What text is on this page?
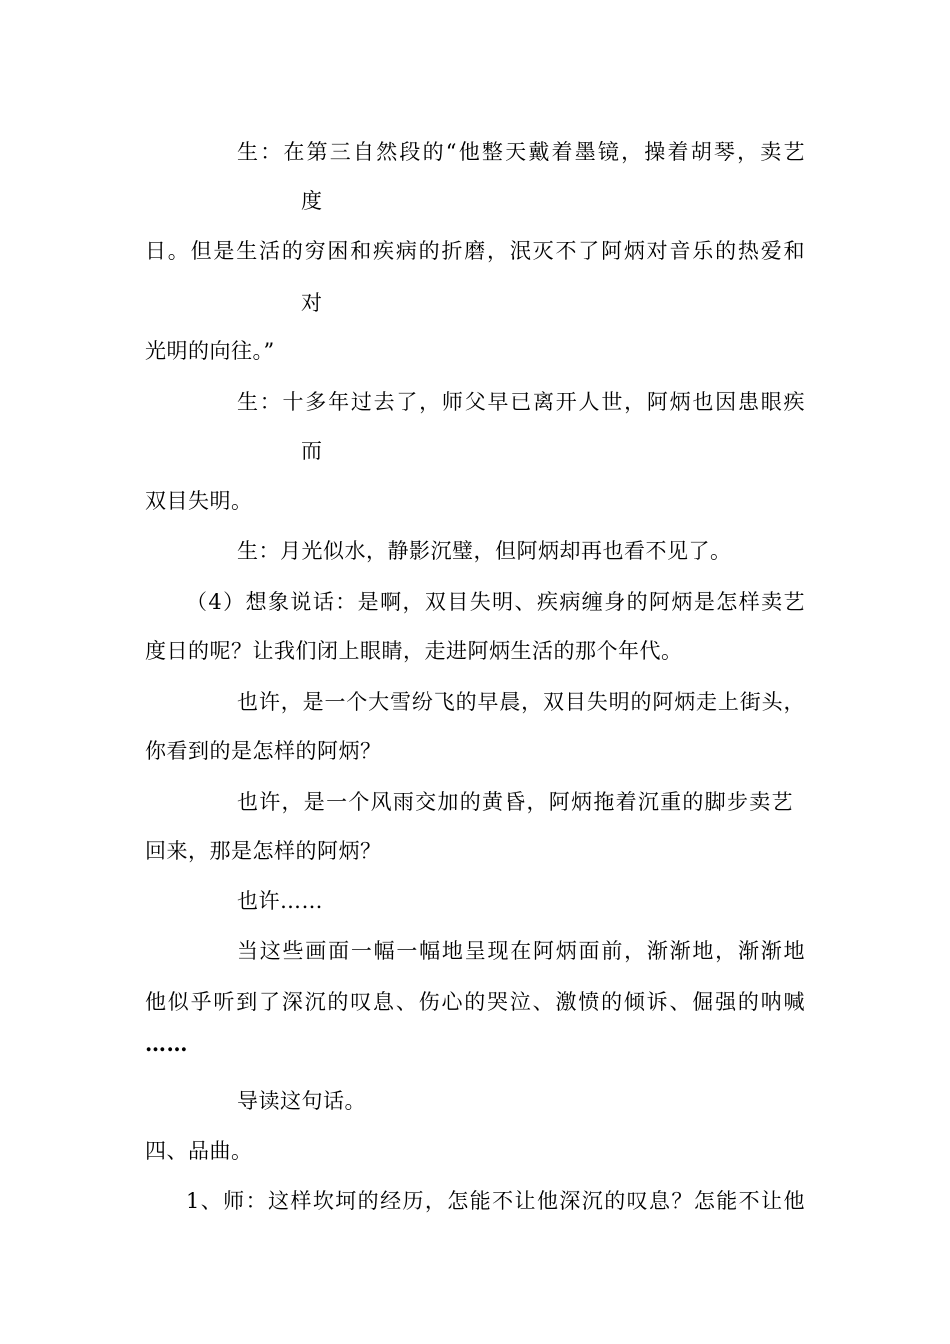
生：在第三自然段的“他整天戴着墨镜，操着胡琴，卖艺
度
日。但是生活的穷困和疾病的折磨，泯灭不了阿炳对音乐的热爱和
对
光明的向往。”
生：十多年过去了，师父早已离开人世，阿炳也因患眼疾
而
双目失明。
生：月光似水，静影沉璧，但阿炳却再也看不见了。
（4）想象说话：是啊，双目失明、疾病缠身的阿炳是怎样卖艺
度日的呢？让我们闭上眼睛，走进阿炳生活的那个年代。
也许，是一个大雪纷飞的早晨，双目失明的阿炳走上街头，
你看到的是怎样的阿炳？
也许，是一个风雨交加的黄昏，阿炳拖着沉重的脚步卖艺
回来，那是怎样的阿炳？
也许……
当这些画面一幅一幅地呈现在阿炳面前，渐渐地，渐渐地
他似乎听到了深沉的叹息、伤心的哭泣、激愤的倾诉、倔强的呐喊
……
导读这句话。
四、品曲。
1、师：这样坎坷的经历，怎能不让他深沉的叹息？怎能不让他
